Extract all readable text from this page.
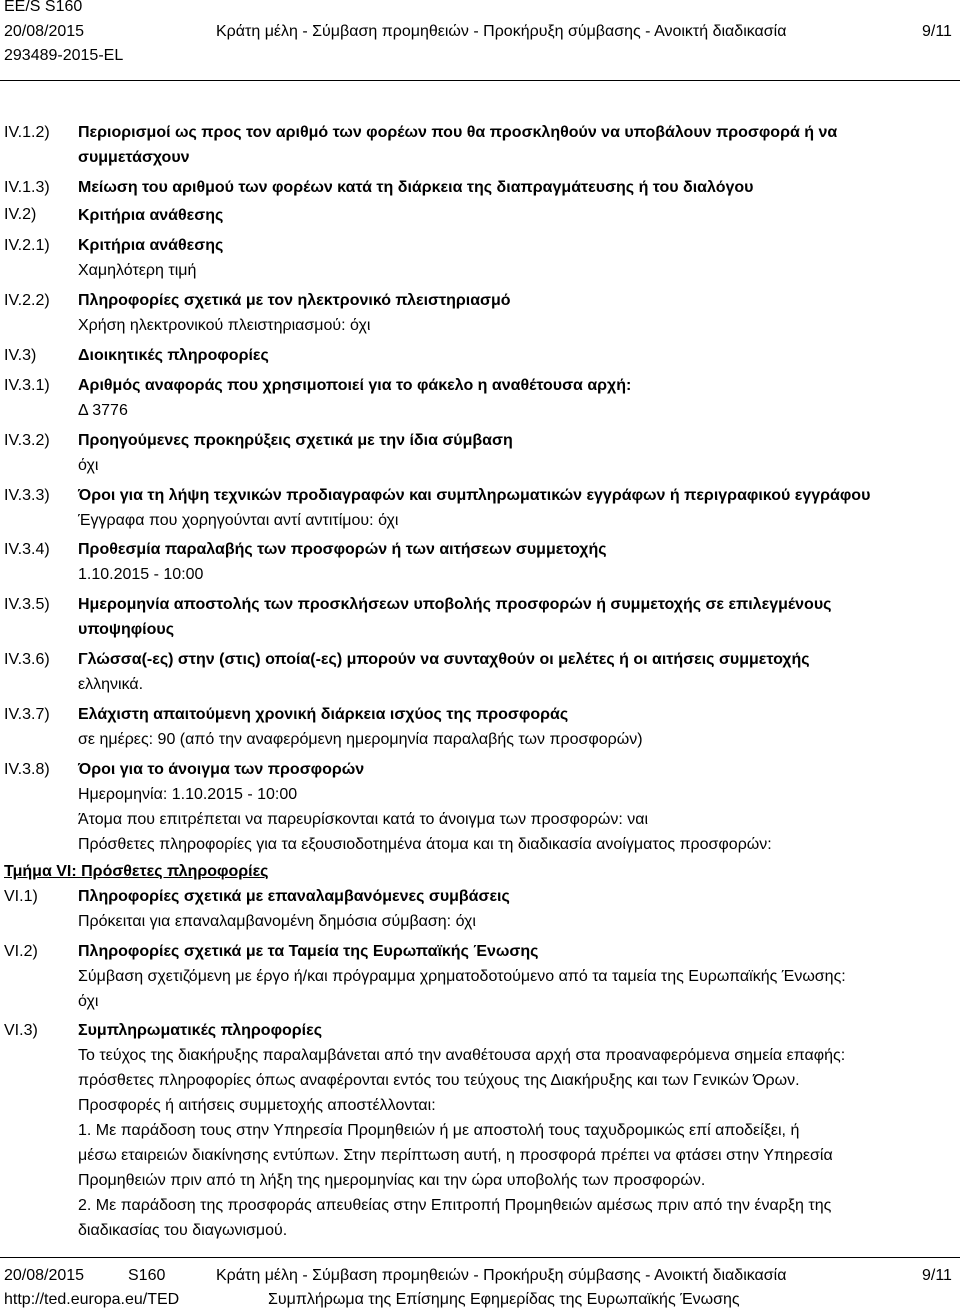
EE/S S160
20/08/2015
293489-2015-EL
Κράτη μέλη - Σύμβαση προμηθειών - Προκήρυξη σύμβασης - Ανοικτή διαδικασία	9/11
IV.1.2) Περιορισμοί ως προς τον αριθμό των φορέων που θα προσκληθούν να υποβάλουν προσφορά ή να
συμμετάσχουν
IV.1.3) Μείωση του αριθμού των φορέων κατά τη διάρκεια της διαπραγμάτευσης ή του διαλόγου
IV.2)	Κριτήρια ανάθεσης
IV.2.1) Κριτήρια ανάθεσης
Χαμηλότερη τιμή
IV.2.2) Πληροφορίες σχετικά με τον ηλεκτρονικό πλειστηριασμό
Χρήση ηλεκτρονικού πλειστηριασμού: όχι
IV.3)	Διοικητικές πληροφορίες
IV.3.1) Αριθμός αναφοράς που χρησιμοποιεί για το φάκελο η αναθέτουσα αρχή:
Δ 3776
IV.3.2) Προηγούμενες προκηρύξεις σχετικά με την ίδια σύμβαση
όχι
IV.3.3) Όροι για τη λήψη τεχνικών προδιαγραφών και συμπληρωματικών εγγράφων ή περιγραφικού εγγράφου
Έγγραφα που χορηγούνται αντί αντιτίμου: όχι
IV.3.4) Προθεσμία παραλαβής των προσφορών ή των αιτήσεων συμμετοχής
1.10.2015 - 10:00
IV.3.5) Ημερομηνία αποστολής των προσκλήσεων υποβολής προσφορών ή συμμετοχής σε επιλεγμένους
υποψηφίους
IV.3.6) Γλώσσα(-ες) στην (στις) οποία(-ες) μπορούν να συνταχθούν οι μελέτες ή οι αιτήσεις συμμετοχής
ελληνικά.
IV.3.7) Ελάχιστη απαιτούμενη χρονική διάρκεια ισχύος της προσφοράς
σε ημέρες: 90 (από την αναφερόμενη ημερομηνία παραλαβής των προσφορών)
IV.3.8) Όροι για το άνοιγμα των προσφορών
Ημερομηνία: 1.10.2015 - 10:00
Άτομα που επιτρέπεται να παρευρίσκονται κατά το άνοιγμα των προσφορών: ναι
Πρόσθετες πληροφορίες για τα εξουσιοδοτημένα άτομα και τη διαδικασία ανοίγματος προσφορών:
Τμήμα VI: Πρόσθετες πληροφορίες
VI.1)	Πληροφορίες σχετικά με επαναλαμβανόμενες συμβάσεις
Πρόκειται για επαναλαμβανομένη δημόσια σύμβαση: όχι
VI.2)	Πληροφορίες σχετικά με τα Ταμεία της Ευρωπαϊκής Ένωσης
Σύμβαση σχετιζόμενη με έργο ή/και πρόγραμμα χρηματοδοτούμενο από τα ταμεία της Ευρωπαϊκής Ένωσης:
όχι
VI.3)	Συμπληρωματικές πληροφορίες
Το τεύχος της διακήρυξης παραλαμβάνεται από την αναθέτουσα αρχή στα προαναφερόμενα σημεία επαφής:
πρόσθετες πληροφορίες όπως αναφέρονται εντός του τεύχους της Διακήρυξης και των Γενικών Όρων.
Προσφορές ή αιτήσεις συμμετοχής αποστέλλονται:
1. Με παράδοση τους στην Υπηρεσία Προμηθειών ή με αποστολή τους ταχυδρομικώς επί αποδείξει, ή
μέσω εταιρειών διακίνησης εντύπων. Στην περίπτωση αυτή, η προσφορά πρέπει να φτάσει στην Υπηρεσία
Προμηθειών πριν από τη λήξη της ημερομηνίας και την ώρα υποβολής των προσφορών.
2. Με παράδοση της προσφοράς απευθείας στην Επιτροπή Προμηθειών αμέσως πριν από την έναρξη της
διαδικασίας του διαγωνισμού.
20/08/2015	S160	Κράτη μέλη - Σύμβαση προμηθειών - Προκήρυξη σύμβασης - Ανοικτή διαδικασία	9/11
http://ted.europa.eu/TED	Συμπλήρωμα της Επίσημης Εφημερίδας της Ευρωπαϊκής Ένωσης
